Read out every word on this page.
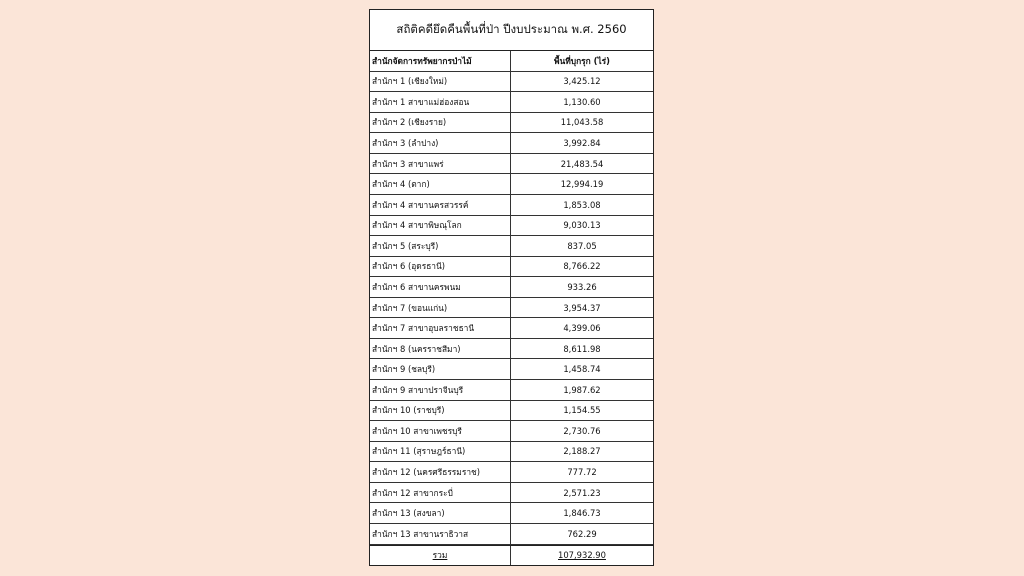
สถิติคดียึดคืนพื้นที่ป่า ปีงบประมาณ พ.ศ. 2560
สำนักจัดการทรัพยากรป่าไม้	พื้นที่บุกรุก (ไร่)
สำนักฯ 1 (เชียงใหม่)	3,425.12
สำนักฯ 1 สาขาแม่ฮ่องสอน	1,130.60
สำนักฯ 2 (เชียงราย)	11,043.58
สำนักฯ 3 (ลำปาง)	3,992.84
สำนักฯ 3 สาขาแพร่	21,483.54
สำนักฯ 4 (ตาก)	12,994.19
สำนักฯ 4 สาขานครสวรรค์	1,853.08
สำนักฯ 4 สาขาพิษณุโลก	9,030.13
สำนักฯ 5 (สระบุรี)	837.05
สำนักฯ 6 (อุดรธานี)	8,766.22
สำนักฯ 6 สาขานครพนม	933.26
สำนักฯ 7 (ขอนแก่น)	3,954.37
สำนักฯ 7 สาขาอุบลราชธานี	4,399.06
สำนักฯ 8 (นครราชสีมา)	8,611.98
สำนักฯ 9 (ชลบุรี)	1,458.74
สำนักฯ 9 สาขาปราจีนบุรี	1,987.62
สำนักฯ 10 (ราชบุรี)	1,154.55
สำนักฯ 10 สาขาเพชรบุรี	2,730.76
สำนักฯ 11 (สุราษฎร์ธานี)	2,188.27
สำนักฯ 12 (นครศรีธรรมราช)	777.72
สำนักฯ 12 สาขากระบี่	2,571.23
สำนักฯ 13 (สงขลา)	1,846.73
สำนักฯ 13 สาขานราธิวาส	762.29
รวม	107,932.90
